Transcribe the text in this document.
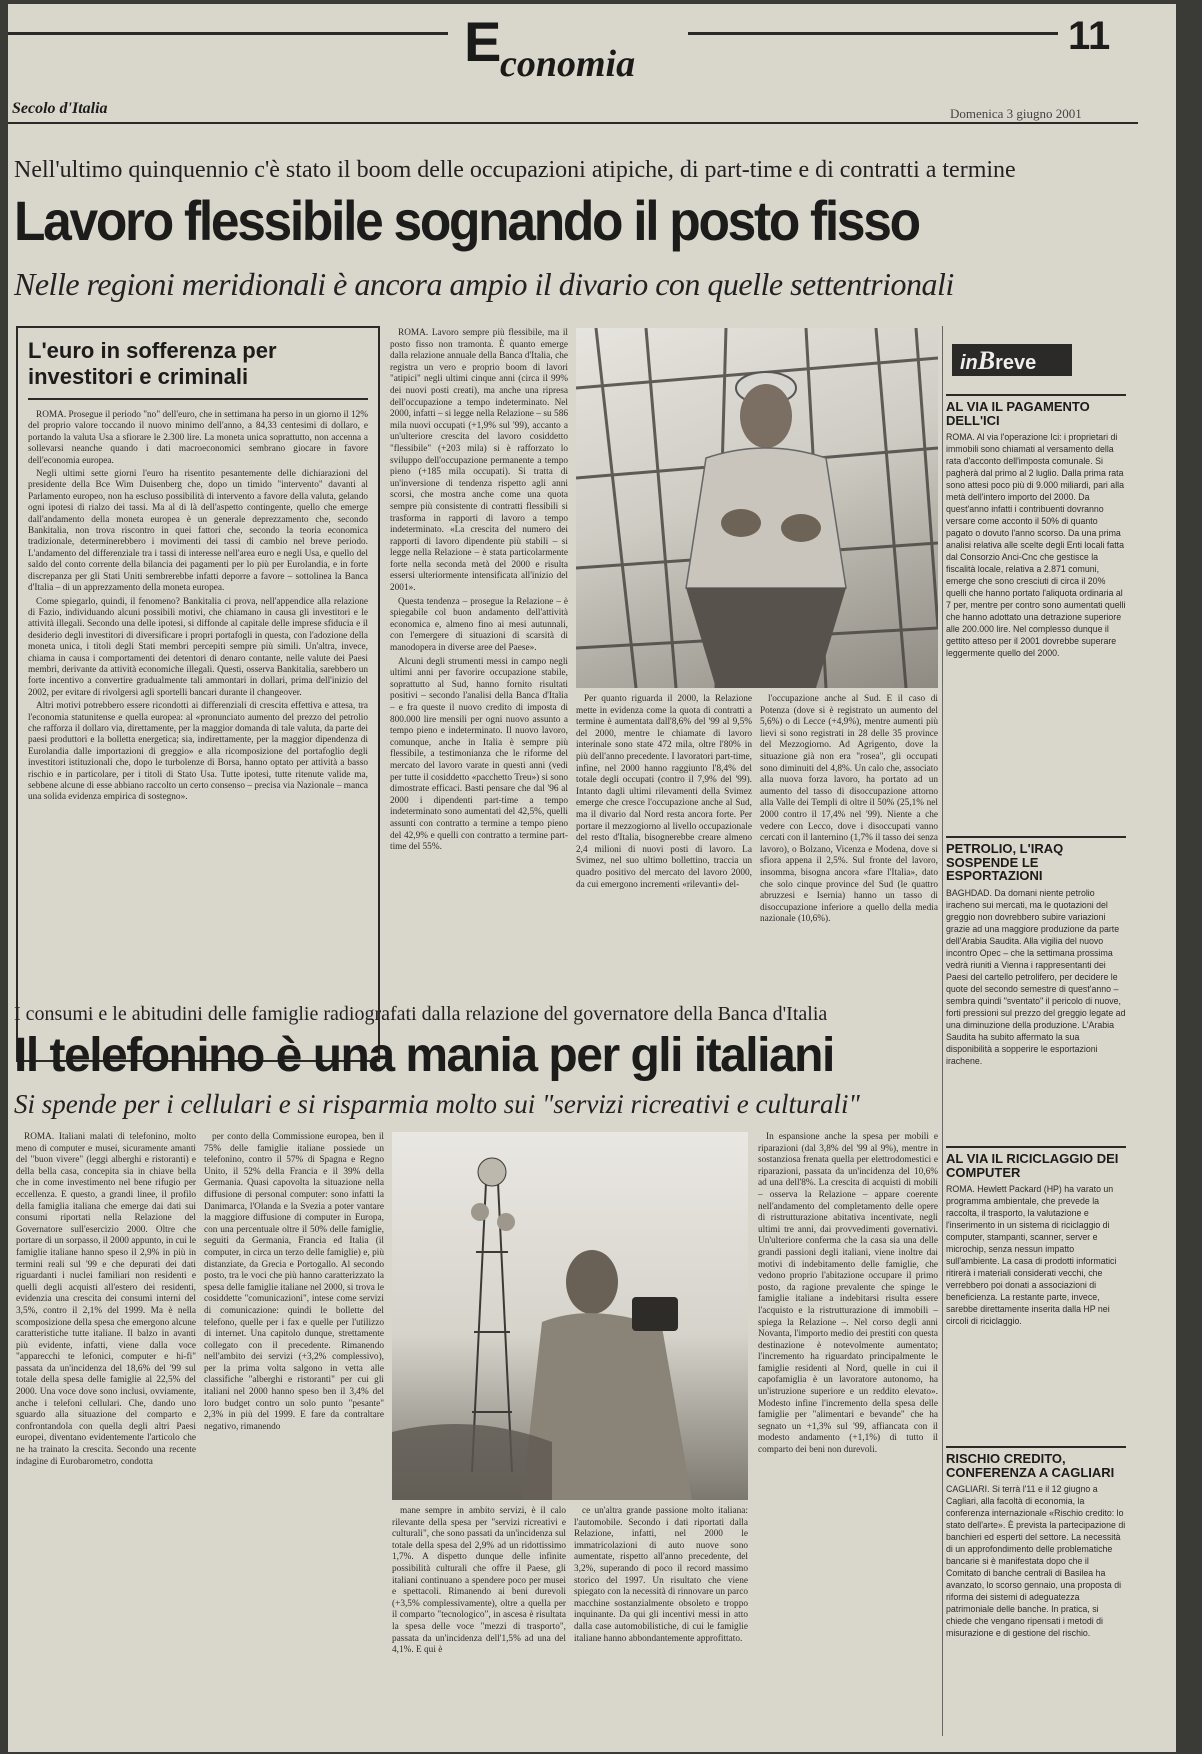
E
conomia
11
Secolo d'Italia	Domenica 3 giugno 2001
Nell'ultimo quinquennio c'è stato il boom delle occupazioni atipiche, di part-time e di contratti a termine
Lavoro flessibile sognando il posto fisso
Nelle regioni meridionali è ancora ampio il divario con quelle settentrionali
L'euro in sofferenza per investitori e criminali

ROMA. Prosegue il periodo "no" dell'euro, che in settimana ha perso in un giorno il 12% del proprio valore toccando il nuovo minimo dell'anno, a 84,33 centesimi di dollaro, e portando la valuta Usa a sfiorare le 2.300 lire. La moneta unica soprattutto, non accenna a sollevarsi neanche quando i dati macroeconomici sembrano giocare in favore dell'economia europea.

Negli ultimi sette giorni l'euro ha risentito pesantemente delle dichiarazioni del presidente della Bce Wim Duisenberg che, dopo un timido "intervento" davanti al Parlamento europeo, non ha escluso possibilità di intervento a favore della valuta, gelando ogni ipotesi di rialzo dei tassi. Ma al di là dell'aspetto contingente, quello che emerge dall'andamento della moneta europea è un generale deprezzamento che, secondo Bankitalia, non trova riscontro in quei fattori che, secondo la teoria economica tradizionale, determinerebbero i movimenti dei tassi di cambio nel breve periodo. L'andamento del differenziale tra i tassi di interesse nell'area euro e negli Usa, e quello del saldo del conto corrente della bilancia dei pagamenti per lo più per Eurolandia, e in forte discrepanza per gli Stati Uniti sembrerebbe infatti deporre a favore – sottolinea la Banca d'Italia – di un apprezzamento della moneta europea.

Come spiegarlo, quindi, il fenomeno? Bankitalia ci prova, nell'appendice alla relazione di Fazio, individuando alcuni possibili motivi, che chiamano in causa gli investitori e le attività illegali. Secondo una delle ipotesi, si diffonde al capitale delle imprese sfiducia e il desiderio degli investitori di diversificare i propri portafogli in questa, con l'adozione della moneta unica, i titoli degli Stati membri percepiti sempre più simili. Un'altra, invece, chiama in causa i comportamenti dei detentori di denaro contante, nelle valute dei Paesi membri, derivante da attività economiche illegali. Questi, osserva Bankitalia, sarebbero un forte incentivo a convertire gradualmente tali ammontari in dollari, prima dell'inizio del 2002, per evitare di rivolgersi agli sportelli bancari durante il changeover.

Altri motivi potrebbero essere ricondotti ai differenziali di crescita effettiva e attesa, tra l'economia statunitense e quella europea: al «pronunciato aumento del prezzo del petrolio che rafforza il dollaro via, direttamente, per la maggior domanda di tale valuta, da parte dei paesi produttori e la bolletta energetica; sia, indirettamente, per la maggior dipendenza di Eurolandia dalle importazioni di greggio» e alla ricomposizione del portafoglio degli investitori istituzionali che, dopo le turbolenze di Borsa, hanno optato per attività a basso rischio e in particolare, per i titoli di Stato Usa. Tutte ipotesi, tutte ritenute valide ma, sebbene alcune di esse abbiano raccolto un certo consenso – precisa via Nazionale – manca una solida evidenza empirica di sostegno».

ROMA. Lavoro sempre più flessibile, ma il posto fisso non tramonta. È quanto emerge dalla relazione annuale della Banca d'Italia, che registra un vero e proprio boom di lavori "atipici" negli ultimi cinque anni (circa il 99% dei nuovi posti creati), ma anche una ripresa dell'occupazione a tempo indeterminato. Nel 2000, infatti – si legge nella Relazione – su 586 mila nuovi occupati (+1,9% sul '99), accanto a un'ulteriore crescita del lavoro cosiddetto "flessibile" (+203 mila) si è rafforzato lo sviluppo dell'occupazione permanente a tempo pieno (+185 mila occupati). Si tratta di un'inversione di tendenza rispetto agli anni scorsi, che mostra anche come una quota sempre più consistente di contratti flessibili si trasforma in rapporti di lavoro a tempo indeterminato. «La crescita del numero dei rapporti di lavoro dipendente più stabili – si legge nella Relazione – è stata particolarmente forte nella seconda metà del 2000 e risulta essersi ulteriormente intensificata all'inizio del 2001».

Questa tendenza – prosegue la Relazione – è spiegabile col buon andamento dell'attività economica e, almeno fino ai mesi autunnali, con l'emergere di situazioni di scarsità di manodopera in diverse aree del Paese».

Alcuni degli strumenti messi in campo negli ultimi anni per favorire occupazione stabile, soprattutto al Sud, hanno fornito risultati positivi – secondo l'analisi della Banca d'Italia – e fra queste il nuovo credito di imposta di 800.000 lire mensili per ogni nuovo assunto a tempo pieno e indeterminato. Il nuovo lavoro, comunque, anche in Italia è sempre più flessibile, a testimonianza che le riforme del mercato del lavoro varate in questi anni (vedi per tutte il cosiddetto «pacchetto Treu») si sono dimostrate efficaci. Basti pensare che dal '96 al 2000 i dipendenti part-time a tempo indeterminato sono aumentati del 42,5%, quelli assunti con contratto a termine a tempo pieno del 42,9% e quelli con contratto a termine part-time del 55%.

Per quanto riguarda il 2000, la Relazione mette in evidenza come la quota di contratti a termine è aumentata dall'8,6% del '99 al 9,5% del 2000, mentre le chiamate di lavoro interinale sono state 472 mila, oltre l'80% in più dell'anno precedente. I lavoratori part-time, infine, nel 2000 hanno raggiunto l'8,4% del totale degli occupati (contro il 7,9% del '99). Intanto dagli ultimi rilevamenti della Svimez emerge che cresce l'occupazione anche al Sud, ma il divario dal Nord resta ancora forte. Per portare il mezzogiorno al livello occupazionale del resto d'Italia, bisognerebbe creare almeno 2,4 milioni di nuovi posti di lavoro. La Svimez, nel suo ultimo bollettino, traccia un quadro positivo del mercato del lavoro 2000, da cui emergono incrementi «rilevanti» del-

l'occupazione anche al Sud. E il caso di Potenza (dove si è registrato un aumento del 5,6%) o di Lecce (+4,9%), mentre aumenti più lievi si sono registrati in 28 delle 35 province del Mezzogiorno. Ad Agrigento, dove la situazione già non era "rosea", gli occupati sono diminuiti del 4,8%. Un calo che, associato alla nuova forza lavoro, ha portato ad un aumento del tasso di disoccupazione attorno alla Valle dei Templi di oltre il 50% (25,1% nel 2000 contro il 17,4% nel '99). Niente a che vedere con Lecco, dove i disoccupati vanno cercati con il lanternino (1,7% il tasso dei senza lavoro), o Bolzano, Vicenza e Modena, dove si sfiora appena il 2,5%. Sul fronte del lavoro, insomma, bisogna ancora «fare l'Italia», dato che solo cinque province del Sud (le quattro abruzzesi e Isernia) hanno un tasso di disoccupazione inferiore a quello della media nazionale (10,6%).

I consumi e le abitudini delle famiglie radiografati dalla relazione del governatore della Banca d'Italia
Il telefonino è una mania per gli italiani
Si spende per i cellulari e si risparmia molto sui "servizi ricreativi e culturali"

ROMA. Italiani malati di telefonino, molto meno di computer e musei, sicuramente amanti del "buon vivere" (leggi alberghi e ristoranti) e della bella casa, concepita sia in chiave bella che in come investimento nel bene rifugio per eccellenza. E questo, a grandi linee, il profilo della famiglia italiana che emerge dai dati sui consumi riportati nella Relazione del Governatore sull'esercizio 2000. Oltre che portare di un sorpasso, il 2000 appunto, in cui le famiglie italiane hanno speso il 2,9% in più in termini reali sul '99 e che depurati dei dati riguardanti i nuclei familiari non residenti e quelli degli acquisti all'estero dei residenti, evidenzia una crescita dei consumi interni del 3,5%, contro il 2,1% del 1999. Ma è nella scomposizione della spesa che emergono alcune caratteristiche tutte italiane. Il balzo in avanti più evidente, infatti, viene dalla voce "apparecchi te lefonici, computer e hi-fi" passata da un'incidenza del 18,6% del '99 sul totale della spesa delle famiglie al 22,5% del 2000. Una voce dove sono inclusi, ovviamente, anche i telefoni cellulari. Che, dando uno sguardo alla situazione del comparto e confrontandola con quella degli altri Paesi europei, diventano evidentemente l'articolo che ne ha trainato la crescita. Secondo una recente indagine di Eurobarometro, condotta

per conto della Commissione europea, ben il 75% delle famiglie italiane possiede un telefonino, contro il 57% di Spagna e Regno Unito, il 52% della Francia e il 39% della Germania. Quasi capovolta la situazione nella diffusione di personal computer: sono infatti la Danimarca, l'Olanda e la Svezia a poter vantare la maggiore diffusione di computer in Europa, con una percentuale oltre il 50% delle famiglie, seguiti da Germania, Francia ed Italia (il computer, in circa un terzo delle famiglie) e, più distanziate, da Grecia e Portogallo. Al secondo posto, tra le voci che più hanno caratterizzato la spesa delle famiglie italiane nel 2000, si trova le cosiddette "comunicazioni", intese come servizi di comunicazione: quindi le bollette del telefono, quelle per i fax e quelle per l'utilizzo di internet. Una capitolo dunque, strettamente collegato con il precedente. Rimanendo nell'ambito dei servizi (+3,2% complessivo), per la prima volta salgono in vetta alle classifiche "alberghi e ristoranti" per cui gli italiani nel 2000 hanno speso ben il 3,4% del loro budget contro un solo punto "pesante" 2,3% in più del 1999. E fare da contraltare negativo, rimanendo

mane sempre in ambito servizi, è il calo rilevante della spesa per "servizi ricreativi e culturali", che sono passati da un'incidenza sul totale della spesa del 2,9% ad un ridottissimo 1,7%. A dispetto dunque delle infinite possibilità culturali che offre il Paese, gli italiani continuano a spendere poco per musei e spettacoli. Rimanendo ai beni durevoli (+3,5% complessivamente), oltre a quella per il comparto "tecnologico", in ascesa è risultata la spesa delle voce "mezzi di trasporto", passata da un'incidenza dell'1,5% ad una del 4,1%. E qui è

ce un'altra grande passione molto italiana: l'automobile. Secondo i dati riportati dalla Relazione, infatti, nel 2000 le immatricolazioni di auto nuove sono aumentate, rispetto all'anno precedente, del 3,2%, superando di poco il record massimo storico del 1997. Un risultato che viene spiegato con la necessità di rinnovare un parco macchine sostanzialmente obsoleto e troppo inquinante. Da qui gli incentivi messi in atto dalla case automobilistiche, di cui le famiglie italiane hanno abbondantemente approfittato.

In espansione anche la spesa per mobili e riparazioni (dal 3,8% del '99 al 9%), mentre in sostanziosa frenata quella per elettrodomestici e riparazioni, passata da un'incidenza del 10,6% ad una dell'8%. La crescita di acquisti di mobili – osserva la Relazione – appare coerente nell'andamento del completamento delle opere di ristrutturazione abitativa incentivate, negli ultimi tre anni, dai provvedimenti governativi. Un'ulteriore conferma che la casa sia una delle grandi passioni degli italiani, viene inoltre dai motivi di indebitamento delle famiglie, che vedono proprio l'abitazione occupare il primo posto, da ragione prevalente che spinge le famiglie italiane a indebitarsi risulta essere l'acquisto e la ristrutturazione di immobili – spiega la Relazione –. Nel corso degli anni Novanta, l'importo medio dei prestiti con questa destinazione è notevolmente aumentato; l'incremento ha riguardato principalmente le famiglie residenti al Nord, quelle in cui il capofamiglia è un lavoratore autonomo, ha un'istruzione superiore e un reddito elevato». Modesto infine l'incremento della spesa delle famiglie per "alimentari e bevande" che ha segnato un +1,3% sul '99, affiancata con il modesto andamento (+1,1%) di tutto il comparto dei beni non durevoli.

inBreve
AL VIA IL PAGAMENTO DELL'ICI
ROMA. Al via l'operazione Ici: i proprietari di immobili sono chiamati al versamento della rata d'acconto dell'imposta comunale. Si pagherà dal primo al 2 luglio. Dalla prima rata sono attesi poco più di 9.000 miliardi, pari alla metà dell'intero importo del 2000. Da quest'anno infatti i contribuenti dovranno versare come acconto il 50% di quanto pagato o dovuto l'anno scorso. Da una prima analisi relativa alle scelte degli Enti locali fatta dal Consorzio Anci-Cnc che gestisce la fiscalità locale, relativa a 2.871 comuni, emerge che sono cresciuti di circa il 20% quelli che hanno portato l'aliquota ordinaria al 7 per, mentre per contro sono aumentati quelli che hanno adottato una detrazione superiore alle 200.000 lire. Nel complesso dunque il gettito atteso per il 2001 dovrebbe superare leggermente quello del 2000.
PETROLIO, L'IRAQ SOSPENDE LE ESPORTAZIONI
BAGHDAD. Da domani niente petrolio iracheno sui mercati, ma le quotazioni del greggio non dovrebbero subire variazioni grazie ad una maggiore produzione da parte dell'Arabia Saudita. Alla vigilia del nuovo incontro Opec – che la settimana prossima vedrà riuniti a Vienna i rappresentanti dei Paesi del cartello petrolifero, per decidere le quote del secondo semestre di quest'anno – sembra quindi "sventato" il pericolo di nuove, forti pressioni sul prezzo del greggio legate ad una diminuzione della produzione. L'Arabia Saudita ha subito affermato la sua disponibilità a sopperire le esportazioni irachene.
AL VIA IL RICICLAGGIO DEI COMPUTER
ROMA. Hewlett Packard (HP) ha varato un programma ambientale, che prevede la raccolta, il trasporto, la valutazione e l'inserimento in un sistema di riciclaggio di computer, stampanti, scanner, server e microchip, senza nessun impatto sull'ambiente. La casa di prodotti informatici ritirerà i materiali considerati vecchi, che verrebbero poi donati a associazioni di beneficienza. La restante parte, invece, sarebbe direttamente inserita dalla HP nei circoli di riciclaggio.
RISCHIO CREDITO, CONFERENZA A CAGLIARI
CAGLIARI. Si terrà l'11 e il 12 giugno a Cagliari, alla facoltà di economia, la conferenza internazionale «Rischio credito: lo stato dell'arte». È prevista la partecipazione di banchieri ed esperti del settore. La necessità di un approfondimento delle problematiche bancarie si è manifestata dopo che il Comitato di banche centrali di Basilea ha avanzato, lo scorso gennaio, una proposta di riforma dei sistemi di adeguatezza patrimoniale delle banche. In pratica, si chiede che vengano ripensati i metodi di misurazione e di gestione del rischio.
